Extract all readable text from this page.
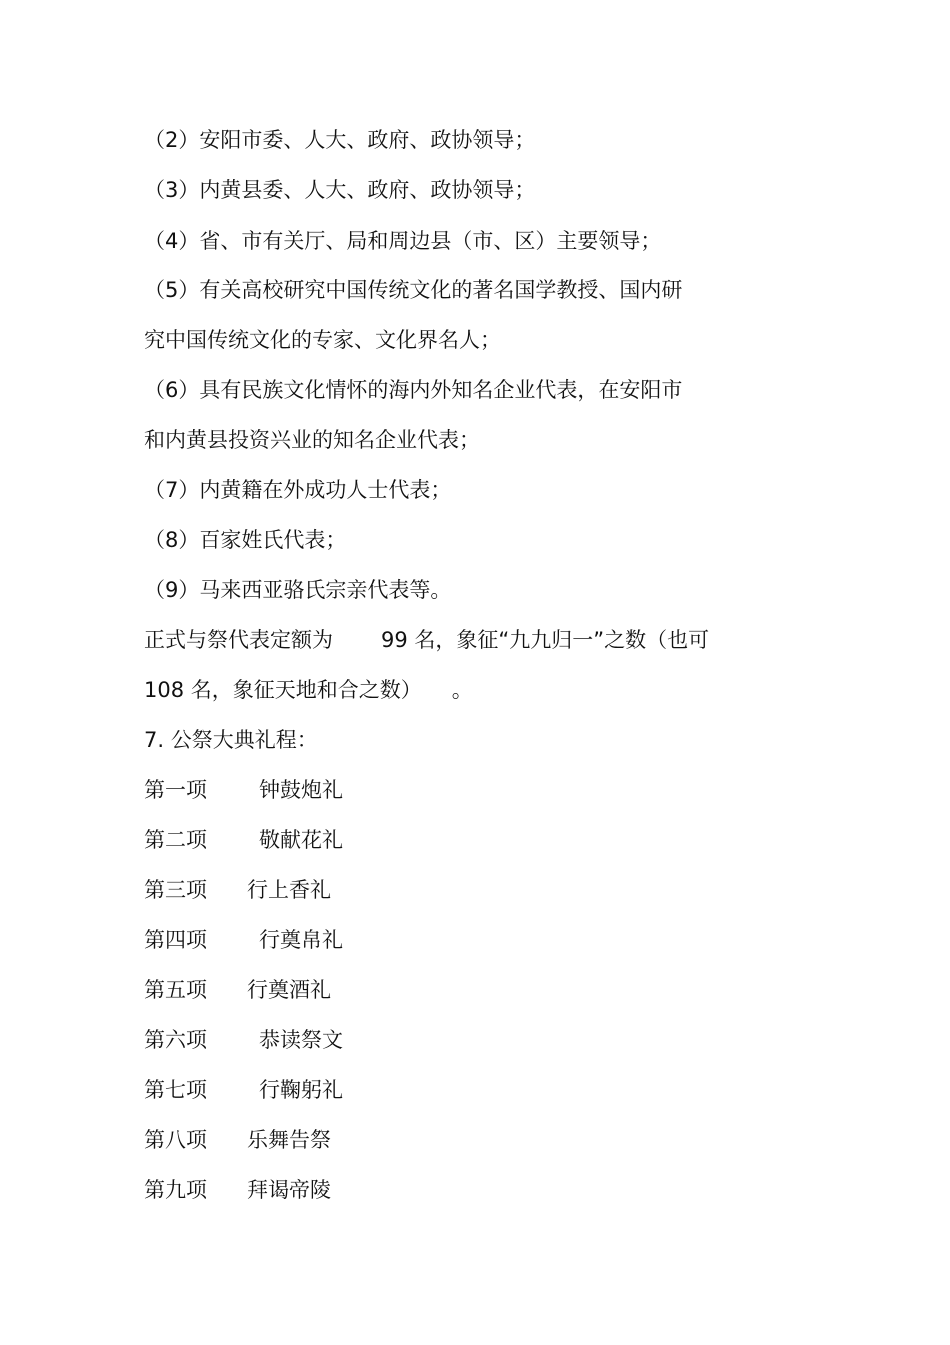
（2）安阳市委、人大、政府、政协领导；
（3）内黄县委、人大、政府、政协领导；
（4）省、市有关厅、局和周边县（市、区）主要领导；
（5）有关高校研究中国传统文化的著名国学教授、国内研
究中国传统文化的专家、文化界名人；
（6）具有民族文化情怀的海内外知名企业代表，在安阳市
和内黄县投资兴业的知名企业代表；
（7）内黄籍在外成功人士代表；
（8）百家姓氏代表；
（9）马来西亚骆氏宗亲代表等。
正式与祭代表定额为 99 名，象征“九九归一”之数（也可
108 名，象征天地和合之数） 。
7. 公祭大典礼程：
第一项 钟鼓炮礼
第二项 敬献花礼
第三项 行上香礼
第四项 行奠帛礼
第五项 行奠酒礼
第六项 恭读祭文
第七项 行鞠躬礼
第八项 乐舞告祭
第九项 拜谒帝陵
